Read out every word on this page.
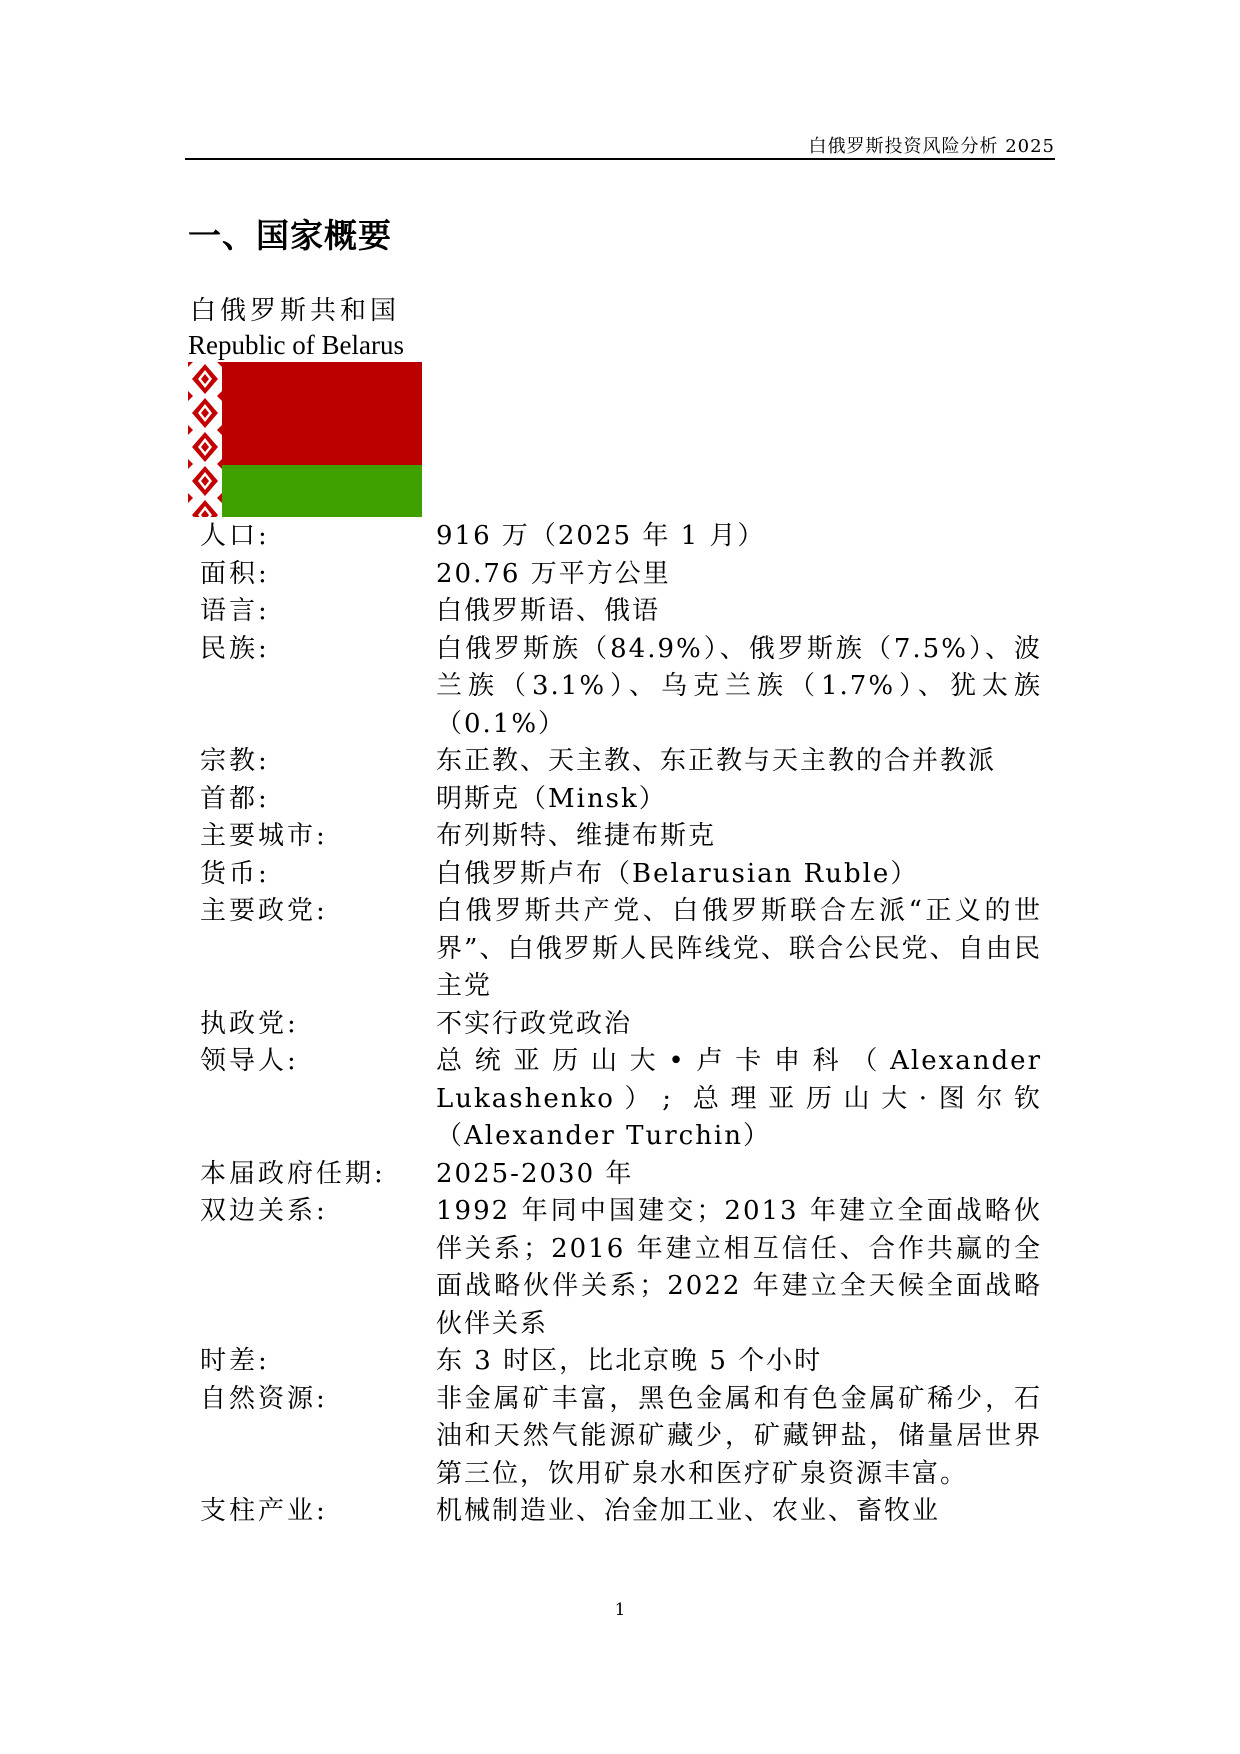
白俄罗斯投资风险分析 2025
一、国家概要
白俄罗斯共和国
Republic of Belarus
人口:	916 万（2025 年 1 月）
面积:	20.76 万平方公里
语言:	白俄罗斯语、俄语
民族:	白俄罗斯族（84.9%）、俄罗斯族（7.5%）、波兰族（3.1%）、乌克兰族（1.7%）、犹太族（0.1%）
宗教:	东正教、天主教、东正教与天主教的合并教派
首都:	明斯克（Minsk）
主要城市:	布列斯特、维捷布斯克
货币:	白俄罗斯卢布（Belarusian Ruble）
主要政党:	白俄罗斯共产党、白俄罗斯联合左派“正义的世界”、白俄罗斯人民阵线党、联合公民党、自由民主党
执政党:	不实行政党政治
领导人:	总统亚历山大•卢卡申科（Alexander Lukashenko）; 总理亚历山大·图尔钦（Alexander Turchin）
本届政府任期:	2025-2030 年
双边关系:	1992 年同中国建交；2013 年建立全面战略伙伴关系；2016 年建立相互信任、合作共赢的全面战略伙伴关系；2022 年建立全天候全面战略伙伴关系
时差:	东 3 时区，比北京晚 5 个小时
自然资源:	非金属矿丰富，黑色金属和有色金属矿稀少，石油和天然气能源矿藏少，矿藏钾盐，储量居世界第三位，饮用矿泉水和医疗矿泉资源丰富。
支柱产业:	机械制造业、冶金加工业、农业、畜牧业
1
